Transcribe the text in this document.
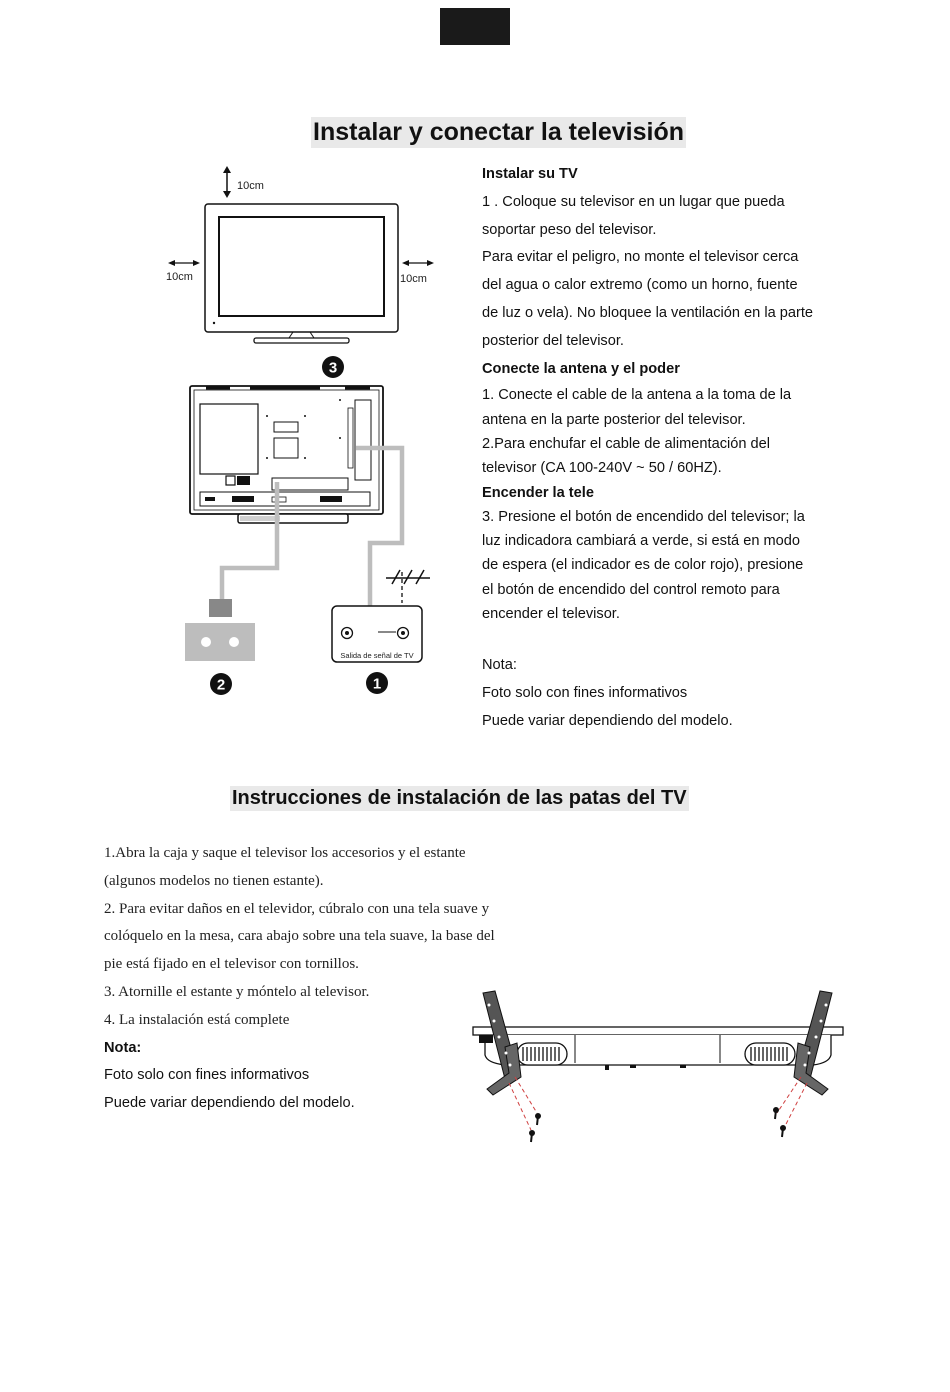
Instalar y conectar la televisión
10cm
10cm	10cm
3
Salida de señal de TV
2	1
Instalar su TV
1 . Coloque su televisor en un lugar que pueda
soportar peso del televisor.
Para evitar el peligro, no monte el televisor cerca
del agua o calor extremo (como un horno, fuente
de luz o vela). No bloquee la ventilación en la parte
posterior del televisor.
Conecte la antena y el poder
1. Conecte el cable de la antena a la toma de la
antena en la parte posterior del televisor.
2.Para enchufar el cable de alimentación del
televisor (CA 100-240V ~ 50 / 60HZ).
Encender la tele
3. Presione el botón de encendido del televisor; la
luz indicadora cambiará a verde, si está en modo
de espera (el indicador es de color rojo), presione
el botón de encendido del control remoto para
encender el televisor.
Nota:
Foto solo con fines informativos
Puede variar dependiendo del modelo.
Instrucciones de instalación de las patas del TV
1.Abra la caja y saque el televisor los accesorios y el estante
(algunos modelos no tienen estante).
2. Para evitar daños en el televidor, cúbralo con una tela suave y
colóquelo en la mesa, cara abajo sobre una tela suave, la base del
pie está fijado en el televisor con tornillos.
3. Atornille el estante y móntelo al televisor.
4. La instalación está complete
Nota:
Foto solo con fines informativos
Puede variar dependiendo del modelo.
